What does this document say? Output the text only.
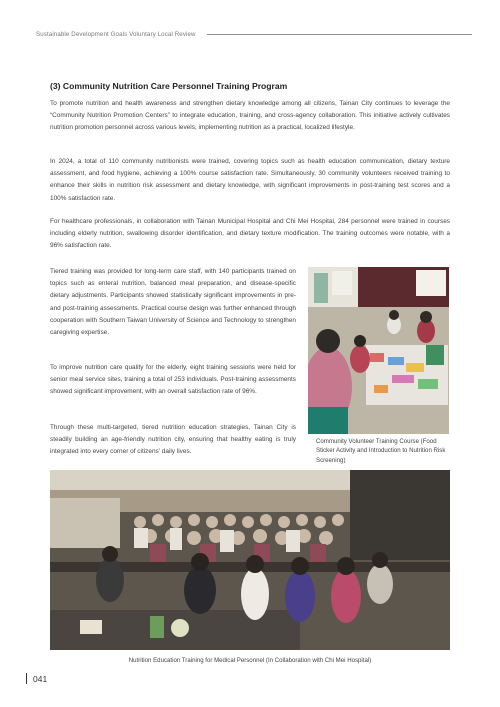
Sustainable Development Goals Voluntary Local Review
(3) Community Nutrition Care Personnel Training Program

To promote nutrition and health awareness and strengthen dietary knowledge among all citizens, Tainan City continues to leverage the “Community Nutrition Promotion Centers” to integrate education, training, and cross-agency collaboration. This initiative actively cultivates nutrition promotion personnel across various levels, implementing nutrition as a practical, localized lifestyle.

In 2024, a total of 110 community nutritionists were trained, covering topics such as health education communication, dietary texture assessment, and food hygiene, achieving a 100% course satisfaction rate. Simultaneously, 30 community volunteers received training to enhance their skills in nutrition risk assessment and dietary knowledge, with significant improvements in post-training test scores and a 100% satisfaction rate.

For healthcare professionals, in collaboration with Tainan Municipal Hospital and Chi Mei Hospital, 284 personnel were trained in courses including elderly nutrition, swallowing disorder identification, and dietary texture modification. The training outcomes were notable, with a 96% satisfaction rate.

Tiered training was provided for long-term care staff, with 140 participants trained on topics such as enteral nutrition, balanced meal preparation, and disease-specific dietary adjustments. Participants showed statistically significant improvements in pre- and post-training assessments. Practical course design was further enhanced through cooperation with Southern Taiwan University of Science and Technology to strengthen caregiving expertise.

To improve nutrition care quality for the elderly, eight training sessions were held for senior meal service sites, training a total of 253 individuals. Post-training assessments showed significant improvement, with an overall satisfaction rate of 96%.

Through these multi-targeted, tiered nutrition education strategies, Tainan City is steadily building an age-friendly nutrition city, ensuring that healthy eating is truly integrated into every corner of citizens’ daily lives.

Community Volunteer Training Course (Food Sticker Activity and Introduction to Nutrition Risk Screening)
Nutrition Education Training for Medical Personnel (In Collaboration with Chi Mei Hospital)
041
